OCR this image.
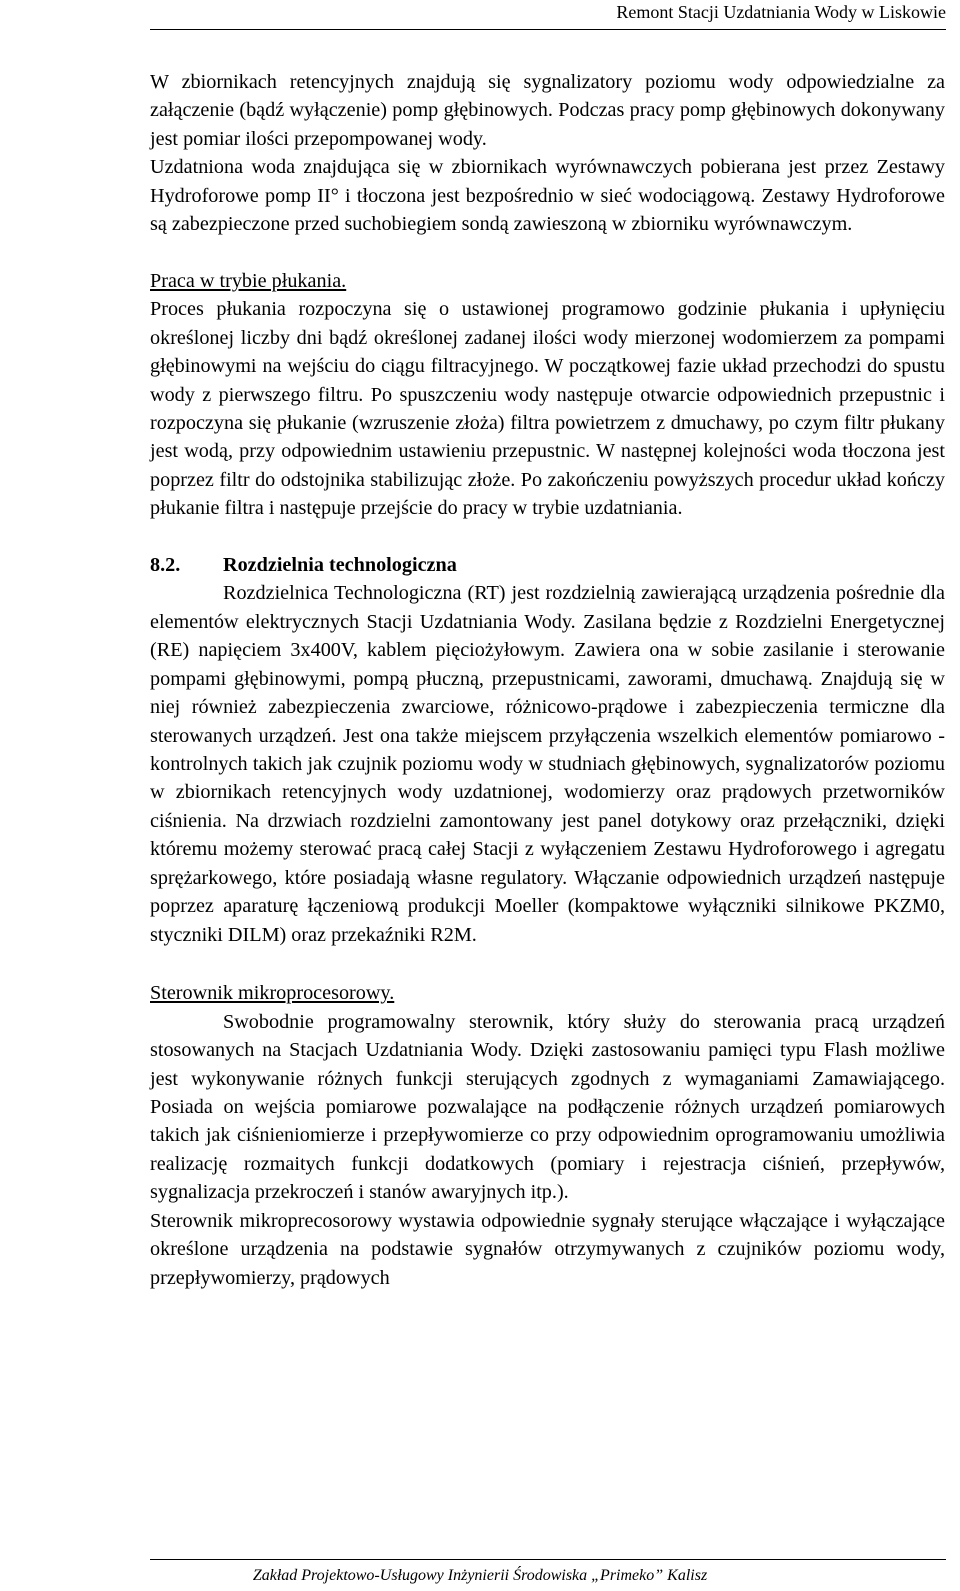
Remont Stacji Uzdatniania Wody w Liskowie

W zbiornikach retencyjnych znajdują się sygnalizatory poziomu wody odpowiedzialne za załączenie (bądź wyłączenie) pomp głębinowych. Podczas pracy pomp głębinowych dokonywany jest pomiar ilości przepompowanej wody.

Uzdatniona woda znajdująca się w zbiornikach wyrównawczych pobierana jest przez Zestawy Hydroforowe pomp II° i tłoczona jest bezpośrednio w sieć wodociągową. Zestawy Hydroforowe są zabezpieczone przed suchobiegiem sondą zawieszoną w zbiorniku wyrównawczym.

Praca w trybie płukania.

Proces płukania rozpoczyna się o ustawionej programowo godzinie płukania i upłynięciu określonej liczby dni bądź określonej zadanej ilości wody mierzonej wodomierzem za pompami głębinowymi na wejściu do ciągu filtracyjnego. W początkowej fazie układ przechodzi do spustu wody z pierwszego filtru. Po spuszczeniu wody następuje otwarcie odpowiednich przepustnic i rozpoczyna się płukanie (wzruszenie złoża) filtra powietrzem z dmuchawy, po czym filtr płukany jest wodą, przy odpowiednim ustawieniu przepustnic. W następnej kolejności woda tłoczona jest poprzez filtr do odstojnika stabilizując złoże. Po zakończeniu powyższych procedur układ kończy płukanie filtra i następuje przejście do pracy w trybie uzdatniania.

8.2. Rozdzielnia technologiczna

Rozdzielnica Technologiczna (RT) jest rozdzielnią zawierającą urządzenia pośrednie dla elementów elektrycznych Stacji Uzdatniania Wody. Zasilana będzie z Rozdzielni Energetycznej (RE) napięciem 3x400V, kablem pięciożyłowym. Zawiera ona w sobie zasilanie i sterowanie pompami głębinowymi, pompą płuczną, przepustnicami, zaworami, dmuchawą. Znajdują się w niej również zabezpieczenia zwarciowe, różnicowo-prądowe i zabezpieczenia termiczne dla sterowanych urządzeń. Jest ona także miejscem przyłączenia wszelkich elementów pomiarowo - kontrolnych takich jak czujnik poziomu wody w studniach głębinowych, sygnalizatorów poziomu w zbiornikach retencyjnych wody uzdatnionej, wodomierzy oraz prądowych przetworników ciśnienia. Na drzwiach rozdzielni zamontowany jest panel dotykowy oraz przełączniki, dzięki któremu możemy sterować pracą całej Stacji z wyłączeniem Zestawu Hydroforowego i agregatu sprężarkowego, które posiadają własne regulatory. Włączanie odpowiednich urządzeń następuje poprzez aparaturę łączeniową produkcji Moeller (kompaktowe wyłączniki silnikowe PKZM0, styczniki DILM) oraz przekaźniki R2M.

Sterownik mikroprocesorowy.

Swobodnie programowalny sterownik, który służy do sterowania pracą urządzeń stosowanych na Stacjach Uzdatniania Wody. Dzięki zastosowaniu pamięci typu Flash możliwe jest wykonywanie różnych funkcji sterujących zgodnych z wymaganiami Zamawiającego. Posiada on wejścia pomiarowe pozwalające na podłączenie różnych urządzeń pomiarowych takich jak ciśnieniomierze i przepływomierze co przy odpowiednim oprogramowaniu umożliwia realizację rozmaitych funkcji dodatkowych (pomiary i rejestracja ciśnień, przepływów, sygnalizacja przekroczeń i stanów awaryjnych itp.).

Sterownik mikroprecosorowy wystawia odpowiednie sygnały sterujące włączające i wyłączające określone urządzenia na podstawie sygnałów otrzymywanych z czujników poziomu wody, przepływomierzy, prądowych

Zakład Projektowo-Usługowy Inżynierii Środowiska „Primeko” Kalisz
